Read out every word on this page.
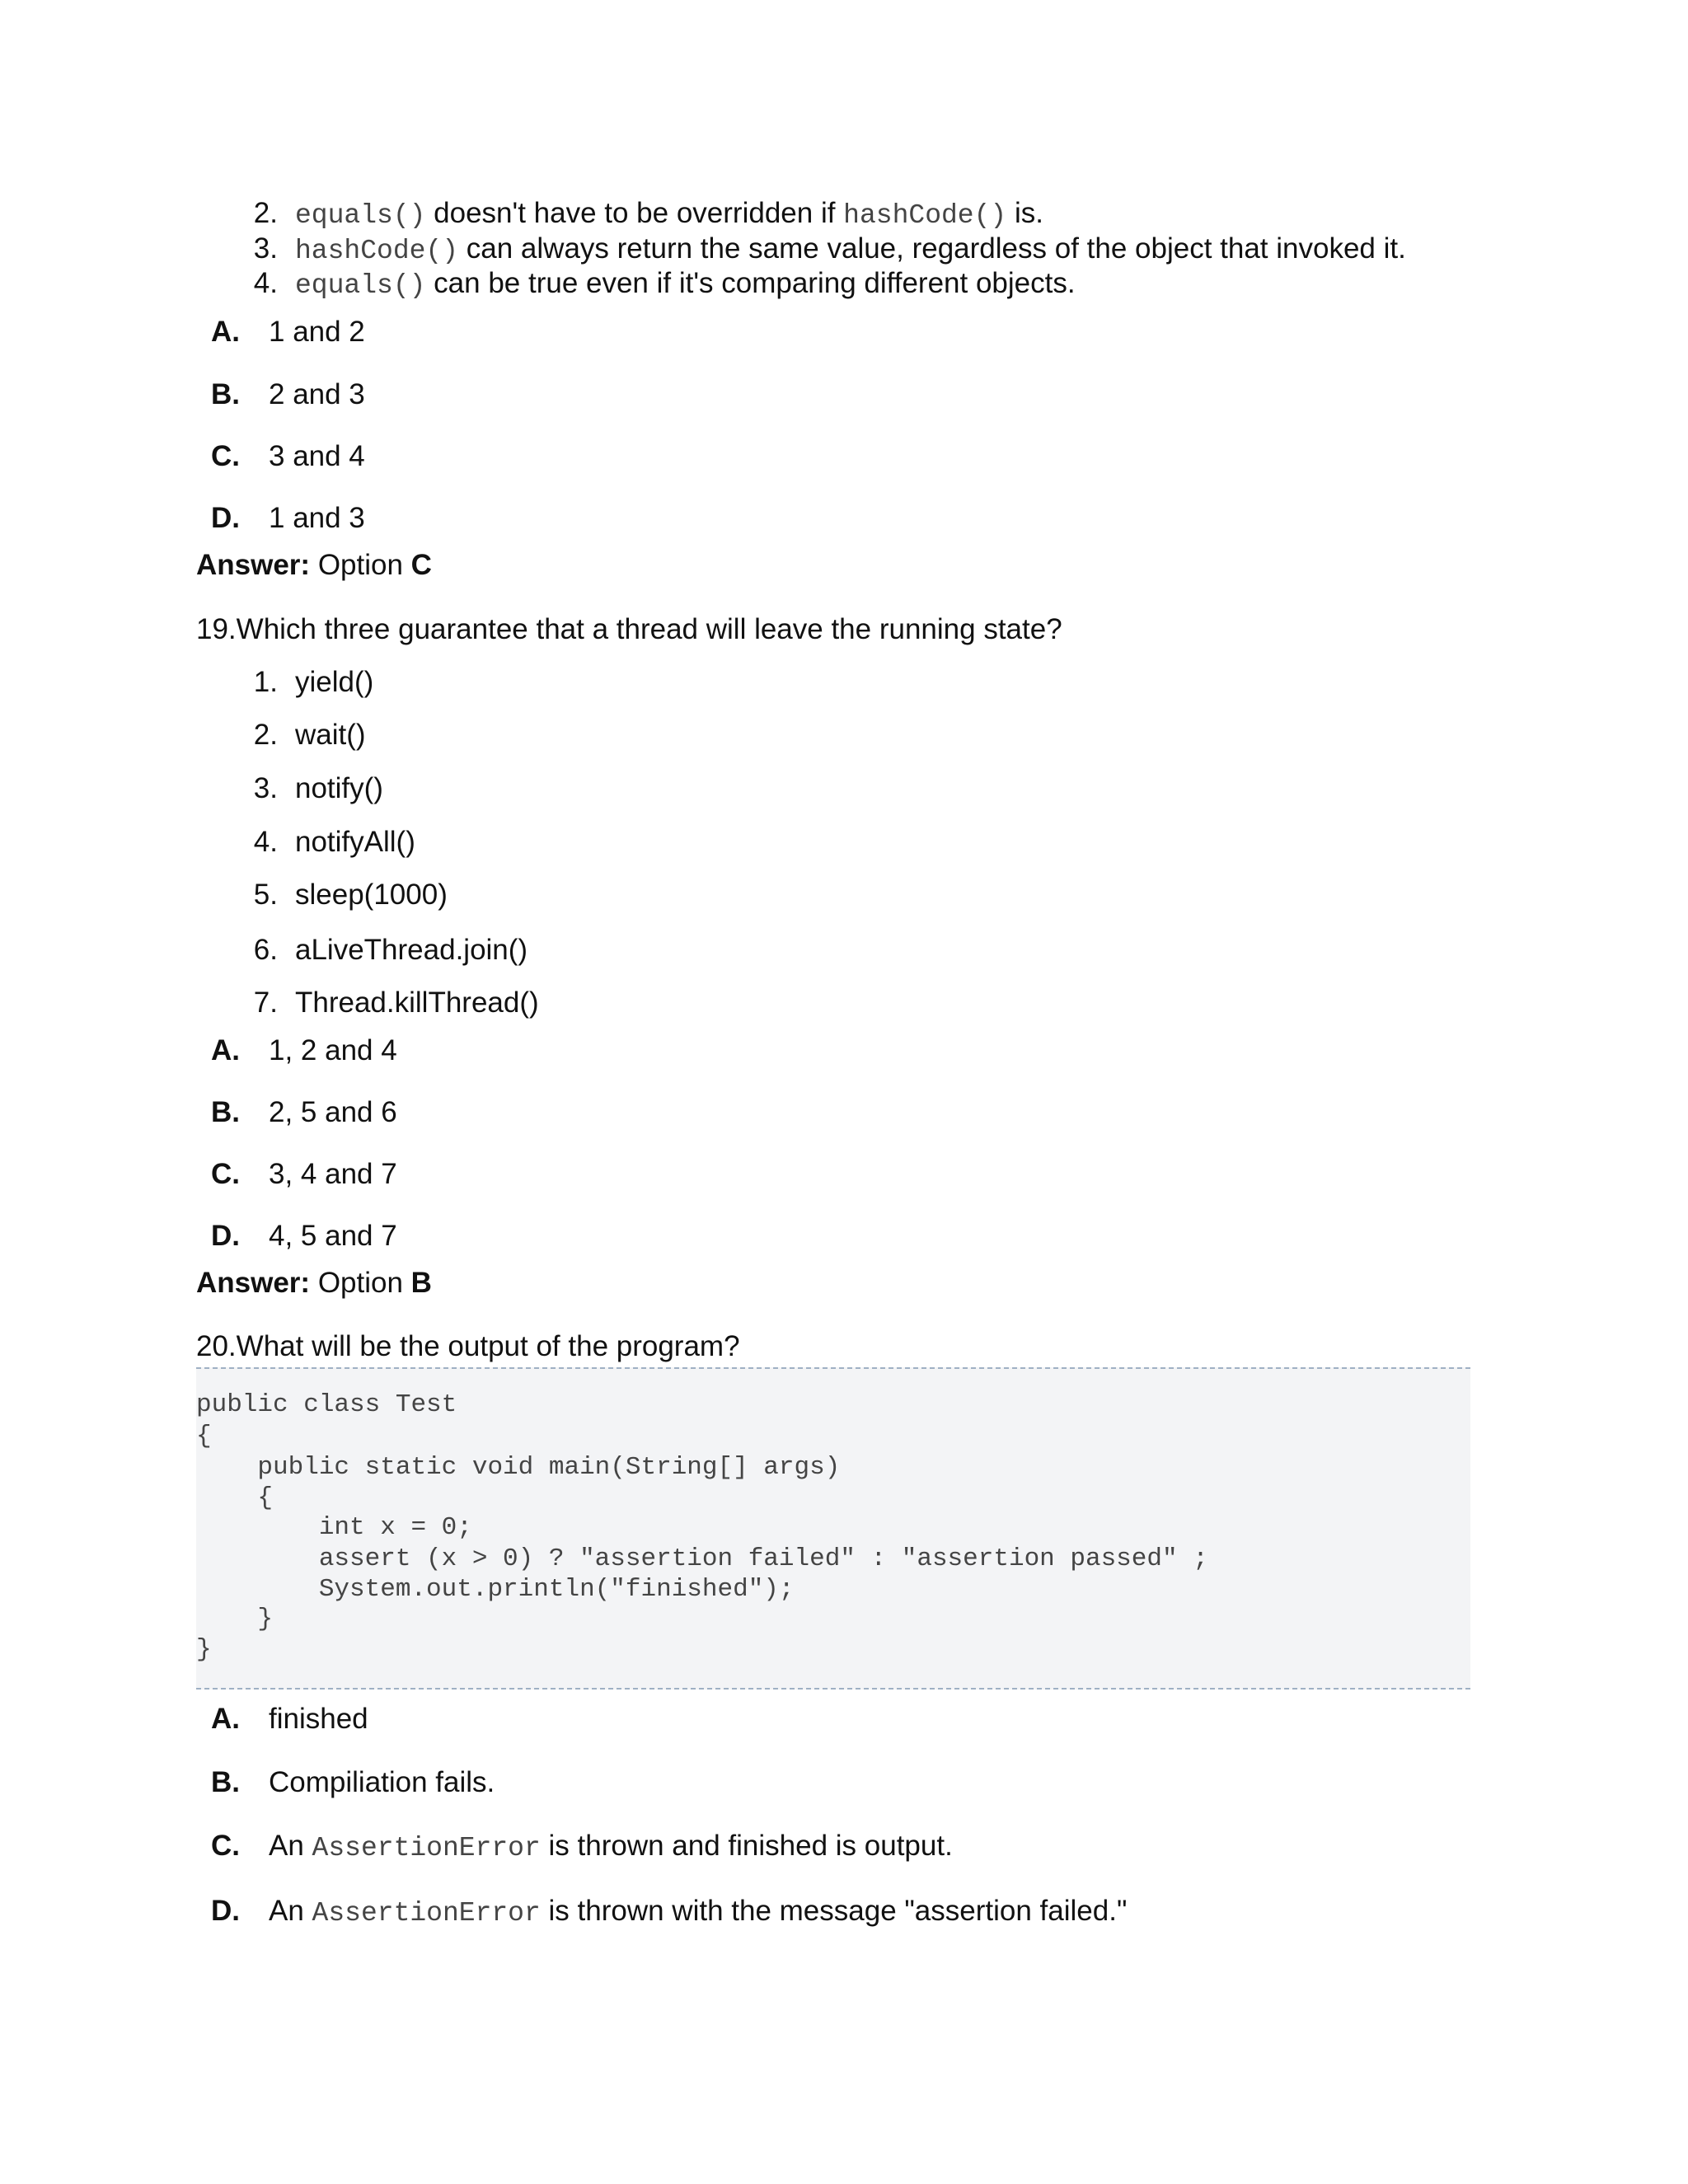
2. equals() doesn't have to be overridden if hashCode() is.
3. hashCode() can always return the same value, regardless of the object that invoked it.
4. equals() can be true even if it's comparing different objects.
A. 1 and 2
B. 2 and 3
C. 3 and 4
D. 1 and 3
Answer: Option C
19.Which three guarantee that a thread will leave the running state?
1. yield()
2. wait()
3. notify()
4. notifyAll()
5. sleep(1000)
6. aLiveThread.join()
7. Thread.killThread()
A. 1, 2 and 4
B. 2, 5 and 6
C. 3, 4 and 7
D. 4, 5 and 7
Answer: Option B
20.What will be the output of the program?
public class Test
{
public static void main(String[] args)
{
int x = 0;
assert (x > 0) ? "assertion failed" : "assertion passed" ;
System.out.println("finished");
}
}
A. finished
B. Compiliation fails.
C. An AssertionError is thrown and finished is output.
D. An AssertionError is thrown with the message "assertion failed."
